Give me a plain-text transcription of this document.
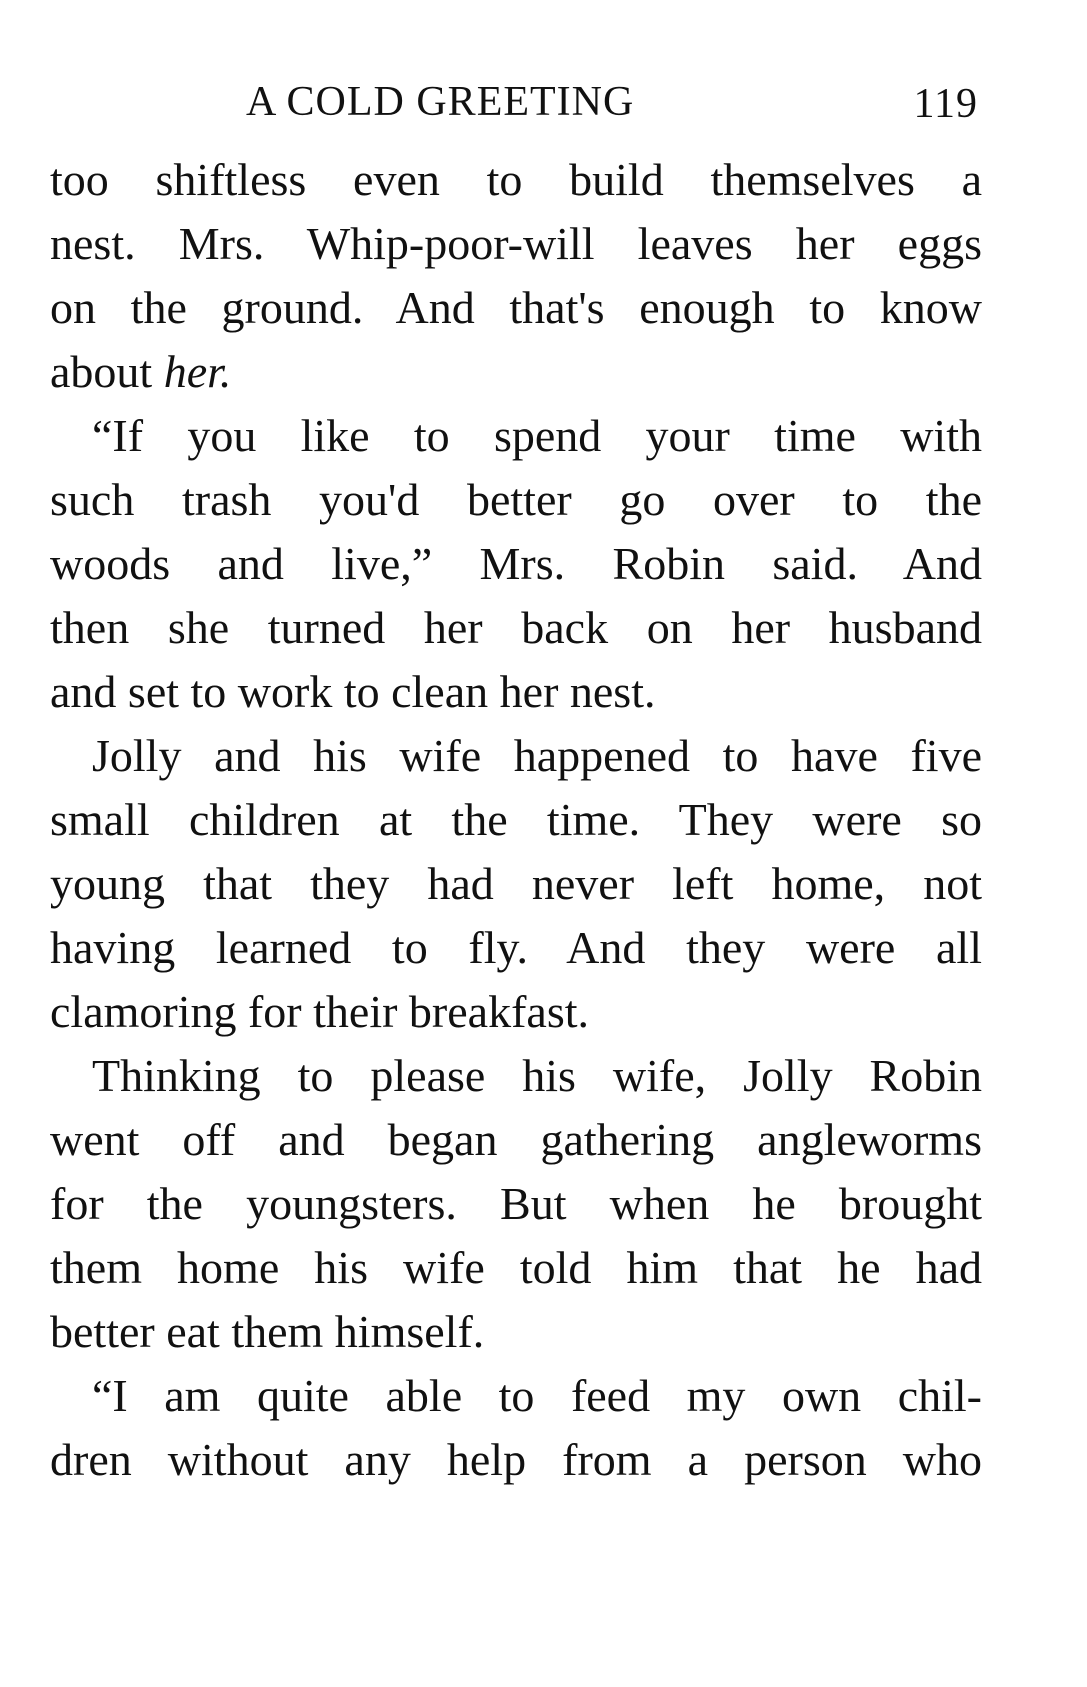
A COLD GREETING	119
too shiftless even to build themselves a
nest. Mrs. Whip-poor-will leaves her eggs
on the ground. And that's enough to know
about her.
“If you like to spend your time with
such trash you'd better go over to the
woods and live,” Mrs. Robin said. And
then she turned her back on her husband
and set to work to clean her nest.
Jolly and his wife happened to have five
small children at the time. They were so
young that they had never left home, not
having learned to fly. And they were all
clamoring for their breakfast.
Thinking to please his wife, Jolly Robin
went off and began gathering angleworms
for the youngsters. But when he brought
them home his wife told him that he had
better eat them himself.
“I am quite able to feed my own chil-
dren without any help from a person who
